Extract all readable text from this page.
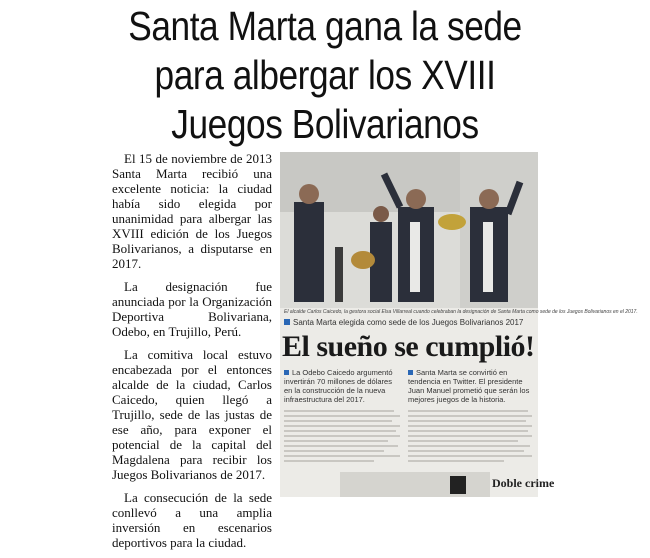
Santa Marta gana la sede
para albergar los XVIII
Juegos Bolivarianos

El 15 de noviembre de 2013 Santa Marta recibió una excelente noticia: la ciudad había sido elegida por unanimidad para albergar las XVIII edición de los Juegos Bolivarianos, a disputarse en 2017.

La designación fue anunciada por la Organización Deportiva Bolivariana, Odebo, en Trujillo, Perú.

La comitiva local estuvo encabezada por el entonces alcalde de la ciudad, Carlos Caicedo, quien llegó a Trujillo, sede de las justas de ese año, para exponer el potencial de la capital del Magdalena para recibir los Juegos Bolivarianos de 2017.

La consecución de la sede conllevó a una amplia inversión en escenarios deportivos para la ciudad.

El alcalde Carlos Caicedo, la gestora social Elsa Villarreal cuando celebraban la designación de Santa Marta como sede de los Juegos Bolivarianos en el 2017.
Santa Marta elegida como sede de los Juegos Bolivarianos 2017
El sueño se cumplió!
La Odebo Caicedo argumentó invertirán 70 millones de dólares en la construcción de la nueva infraestructura del 2017.
Santa Marta se convirtió en tendencia en Twitter. El presidente Juan Manuel prometió que serán los mejores juegos de la historia.
Doble crime
